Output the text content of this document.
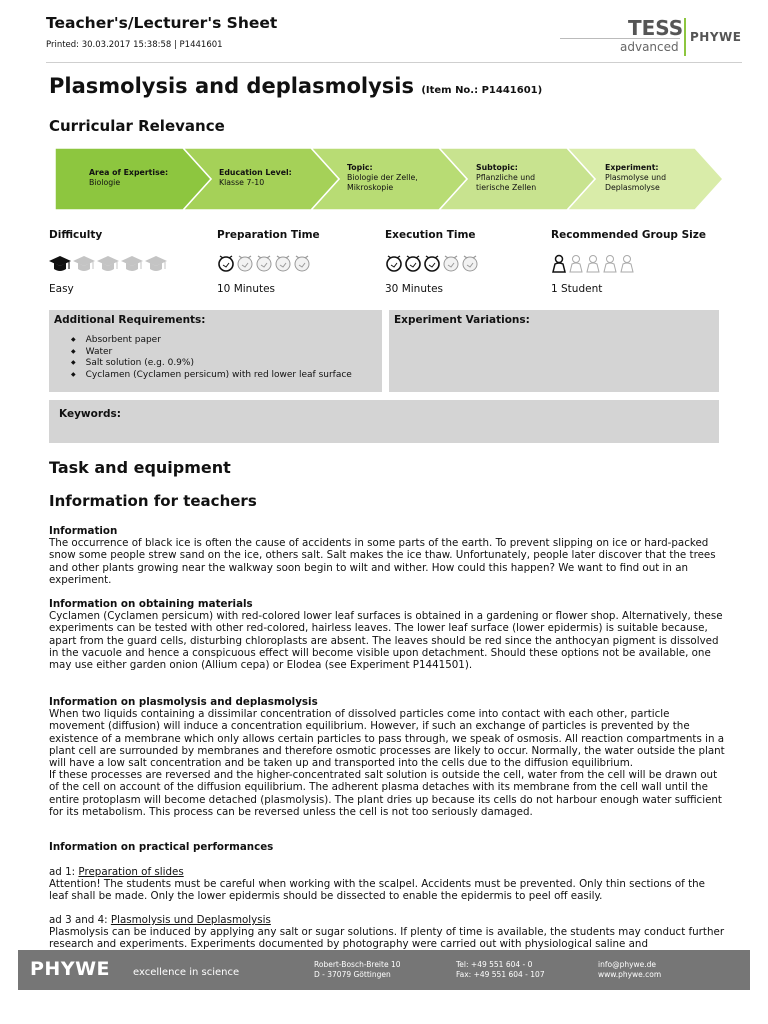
Teacher's/Lecturer's Sheet
Printed: 30.03.2017 15:38:58 | P1441601
TESS
advanced
PHYWE
Plasmolysis and deplasmolysis (Item No.: P1441601)
Curricular Relevance
Area of Expertise:
Biologie
Education Level:
Klasse 7-10
Topic:
Biologie der Zelle, Mikroskopie
Subtopic:
Pflanzliche und tierische Zellen
Experiment:
Plasmolyse und Deplasmolyse
Difficulty	Preparation Time	Execution Time	Recommended Group Size
Easy	10 Minutes	30 Minutes	1 Student
Additional Requirements:
◆ Absorbent paper
◆ Water
◆ Salt solution (e.g. 0.9%)
◆ Cyclamen (Cyclamen persicum) with red lower leaf surface
Experiment Variations:
Keywords:
Task and equipment
Information for teachers
Information
The occurrence of black ice is often the cause of accidents in some parts of the earth. To prevent slipping on ice or hard-packed snow some people strew sand on the ice, others salt. Salt makes the ice thaw. Unfortunately, people later discover that the trees and other plants growing near the walkway soon begin to wilt and wither. How could this happen? We want to find out in an experiment.
Information on obtaining materials
Cyclamen (Cyclamen persicum) with red-colored lower leaf surfaces is obtained in a gardening or flower shop. Alternatively, these experiments can be tested with other red-colored, hairless leaves. The lower leaf surface (lower epidermis) is suitable because, apart from the guard cells, disturbing chloroplasts are absent. The leaves should be red since the anthocyan pigment is dissolved in the vacuole and hence a conspicuous effect will become visible upon detachment. Should these options not be available, one may use either garden onion (Allium cepa) or Elodea (see Experiment P1441501).
Information on plasmolysis and deplasmolysis
When two liquids containing a dissimilar concentration of dissolved particles come into contact with each other, particle movement (diffusion) will induce a concentration equilibrium. However, if such an exchange of particles is prevented by the existence of a membrane which only allows certain particles to pass through, we speak of osmosis. All reaction compartments in a plant cell are surrounded by membranes and therefore osmotic processes are likely to occur. Normally, the water outside the plant will have a low salt concentration and be taken up and transported into the cells due to the diffusion equilibrium.
If these processes are reversed and the higher-concentrated salt solution is outside the cell, water from the cell will be drawn out of the cell on account of the diffusion equilibrium. The adherent plasma detaches with its membrane from the cell wall until the entire protoplasm will become detached (plasmolysis). The plant dries up because its cells do not harbour enough water sufficient for its metabolism. This process can be reversed unless the cell is not too seriously damaged.
Information on practical performances
ad 1: Preparation of slides
Attention! The students must be careful when working with the scalpel. Accidents must be prevented. Only thin sections of the leaf shall be made. Only the lower epidermis should be dissected to enable the epidermis to peel off easily.
ad 3 and 4: Plasmolysis und Deplasmolysis
Plasmolysis can be induced by applying any salt or sugar solutions. If plenty of time is available, the students may conduct further research and experiments. Experiments documented by photography were carried out with physiological saline and
PHYWE excellence in science
Robert-Bosch-Breite 10
D - 37079 Göttingen
Tel: +49 551 604 - 0
Fax: +49 551 604 - 107
info@phywe.de
www.phywe.com
